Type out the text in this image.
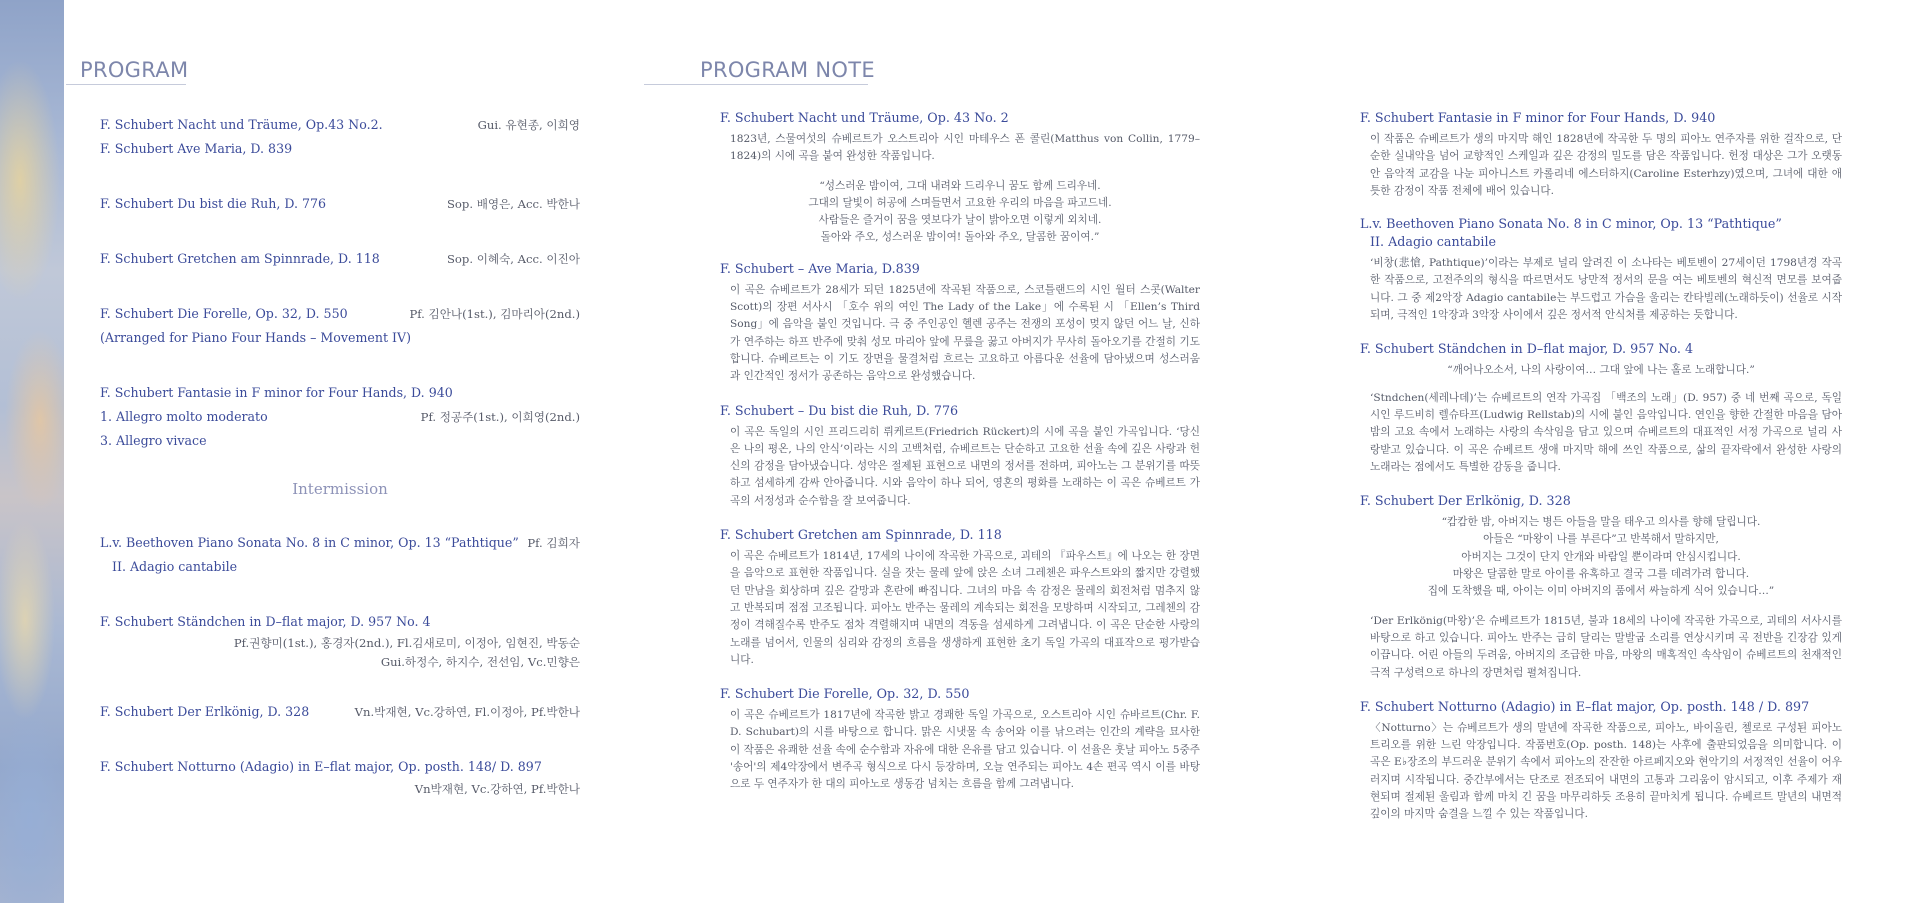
PROGRAM	PROGRAM NOTE
F. Schubert Nacht und Träume, Op.43 No.2.	Gui. 유현종, 이희영
F. Schubert Ave Maria, D. 839
F. Schubert Du bist die Ruh, D. 776	Sop. 배영은, Acc. 박한나
F. Schubert Gretchen am Spinnrade, D. 118	Sop. 이혜숙, Acc. 이진아
F. Schubert Die Forelle, Op. 32, D. 550	Pf. 김안나(1st.), 김마리아(2nd.)
(Arranged for Piano Four Hands – Movement IV)
F. Schubert Fantasie in F minor for Four Hands, D. 940
1. Allegro molto moderato	Pf. 정공주(1st.), 이희영(2nd.)
3. Allegro vivace
Intermission
L.v. Beethoven Piano Sonata No. 8 in C minor, Op. 13 “Pathtique” Pf. 김희자
II. Adagio cantabile
F. Schubert Ständchen in D–flat major, D. 957 No. 4
Pf.권향미(1st.), 홍경자(2nd.), Fl.김새로미, 이정아, 임현진, 박동순
Gui.하정수, 하지수, 전선임, Vc.민향은
F. Schubert Der Erlkönig, D. 328	Vn.박재현, Vc.강하연, Fl.이정아, Pf.박한나
F. Schubert Notturno (Adagio) in E–flat major, Op. posth. 148/ D. 897
Vn박재현, Vc.강하연, Pf.박한나
F. Schubert Nacht und Träume, Op. 43 No. 2

1823년, 스물여섯의 슈베르트가 오스트리아 시인 마테우스 폰 콜린(Matthus von Collin, 1779–1824)의 시에 곡을 붙여 완성한 작품입니다.

“성스러운 밤이여, 그대 내려와 드리우니 꿈도 함께 드리우네.
그대의 달빛이 허공에 스며들면서 고요한 우리의 마음을 파고드네.
사람들은 즐거이 꿈을 엿보다가 날이 밝아오면 이렇게 외치네.
돌아와 주오, 성스러운 밤이여! 돌아와 주오, 달콤한 꿈이여.”
F. Schubert – Ave Maria, D.839

이 곡은 슈베르트가 28세가 되던 1825년에 작곡된 작품으로, 스코틀랜드의 시인 월터 스콧(Walter Scott)의 장편 서사시 「호수 위의 여인 The Lady of the Lake」에 수록된 시 「Ellen’s Third Song」에 음악을 붙인 것입니다. 극 중 주인공인 헬렌 공주는 전쟁의 포성이 멎지 않던 어느 날, 신하가 연주하는 하프 반주에 맞춰 성모 마리아 앞에 무릎을 꿇고 아버지가 무사히 돌아오기를 간절히 기도합니다. 슈베르트는 이 기도 장면을 물결처럼 흐르는 고요하고 아름다운 선율에 담아냈으며 성스러움과 인간적인 정서가 공존하는 음악으로 완성했습니다.

F. Schubert – Du bist die Ruh, D. 776

이 곡은 독일의 시인 프리드리히 뤼케르트(Friedrich Rückert)의 시에 곡을 붙인 가곡입니다. ‘당신은 나의 평온, 나의 안식’이라는 시의 고백처럼, 슈베르트는 단순하고 고요한 선율 속에 깊은 사랑과 헌신의 감정을 담아냈습니다. 성악은 절제된 표현으로 내면의 정서를 전하며, 피아노는 그 분위기를 따뜻하고 섬세하게 감싸 안아줍니다. 시와 음악이 하나 되어, 영혼의 평화를 노래하는 이 곡은 슈베르트 가곡의 서정성과 순수함을 잘 보여줍니다.

F. Schubert Gretchen am Spinnrade, D. 118

이 곡은 슈베르트가 1814년, 17세의 나이에 작곡한 가곡으로, 괴테의 『파우스트』에 나오는 한 장면을 음악으로 표현한 작품입니다. 실을 잣는 물레 앞에 앉은 소녀 그레첸은 파우스트와의 짧지만 강렬했던 만남을 회상하며 깊은 갈망과 혼란에 빠집니다. 그녀의 마음 속 감정은 물레의 회전처럼 멈추지 않고 반복되며 점점 고조됩니다. 피아노 반주는 물레의 계속되는 회전을 모방하며 시작되고, 그레첸의 감정이 격해질수록 반주도 점차 격렬해지며 내면의 격동을 섬세하게 그려냅니다. 이 곡은 단순한 사랑의 노래를 넘어서, 인물의 심리와 감정의 흐름을 생생하게 표현한 초기 독일 가곡의 대표작으로 평가받습니다.

F. Schubert Die Forelle, Op. 32, D. 550

이 곡은 슈베르트가 1817년에 작곡한 밝고 경쾌한 독일 가곡으로, 오스트리아 시인 슈바르트(Chr. F. D. Schubart)의 시를 바탕으로 합니다. 맑은 시냇물 속 송어와 이를 낚으려는 인간의 계략을 묘사한 이 작품은 유쾌한 선율 속에 순수함과 자유에 대한 은유를 담고 있습니다. 이 선율은 훗날 피아노 5중주 '송어'의 제4악장에서 변주곡 형식으로 다시 등장하며, 오늘 연주되는 피아노 4손 편곡 역시 이를 바탕으로 두 연주자가 한 대의 피아노로 생동감 넘치는 흐름을 함께 그려냅니다.

F. Schubert Fantasie in F minor for Four Hands, D. 940

이 작품은 슈베르트가 생의 마지막 해인 1828년에 작곡한 두 명의 피아노 연주자를 위한 걸작으로, 단순한 실내악을 넘어 교향적인 스케일과 깊은 감정의 밀도를 담은 작품입니다. 헌정 대상은 그가 오랫동안 음악적 교감을 나눈 피아니스트 카롤리네 에스터하지(Caroline Esterhzy)였으며, 그녀에 대한 애틋한 감정이 작품 전체에 배어 있습니다.

L.v. Beethoven Piano Sonata No. 8 in C minor, Op. 13 “Pathtique”
II. Adagio cantabile

‘비창(悲愴, Pathtique)’이라는 부제로 널리 알려진 이 소나타는 베토벤이 27세이던 1798년경 작곡한 작품으로, 고전주의의 형식을 따르면서도 낭만적 정서의 문을 여는 베토벤의 혁신적 면모를 보여줍니다. 그 중 제2악장 Adagio cantabile는 부드럽고 가슴을 울리는 칸타빌레(노래하듯이) 선율로 시작되며, 극적인 1악장과 3악장 사이에서 깊은 정서적 안식처를 제공하는 듯합니다.

F. Schubert Ständchen in D–flat major, D. 957 No. 4
“깨어나오소서, 나의 사랑이여… 그대 앞에 나는 홀로 노래합니다.”

‘Stndchen(세레나데)’는 슈베르트의 연작 가곡집 「백조의 노래」(D. 957) 중 네 번째 곡으로, 독일 시인 루드비히 렐슈타프(Ludwig Rellstab)의 시에 붙인 음악입니다. 연인을 향한 간절한 마음을 담아 밤의 고요 속에서 노래하는 사랑의 속삭임을 담고 있으며 슈베르트의 대표적인 서정 가곡으로 널리 사랑받고 있습니다. 이 곡은 슈베르트 생애 마지막 해에 쓰인 작품으로, 삶의 끝자락에서 완성한 사랑의 노래라는 점에서도 특별한 감동을 줍니다.

F. Schubert Der Erlkönig, D. 328
“캄캄한 밤, 아버지는 병든 아들을 말을 태우고 의사를 향해 달립니다.
아들은 “마왕이 나를 부른다”고 반복해서 말하지만,
아버지는 그것이 단지 안개와 바람일 뿐이라며 안심시킵니다.
마왕은 달콤한 말로 아이를 유혹하고 결국 그를 데려가려 합니다.
집에 도착했을 때, 아이는 이미 아버지의 품에서 싸늘하게 식어 있습니다…”

‘Der Erlkönig(마왕)’은 슈베르트가 1815년, 불과 18세의 나이에 작곡한 가곡으로, 괴테의 서사시를 바탕으로 하고 있습니다. 피아노 반주는 급히 달리는 말발굽 소리를 연상시키며 곡 전반을 긴장감 있게 이끕니다. 어린 아들의 두려움, 아버지의 조급한 마음, 마왕의 매혹적인 속삭임이 슈베르트의 천재적인 극적 구성력으로 하나의 장면처럼 펼쳐집니다.

F. Schubert Notturno (Adagio) in E–flat major, Op. posth. 148 / D. 897

〈Notturno〉는 슈베르트가 생의 말년에 작곡한 작품으로, 피아노, 바이올린, 첼로로 구성된 피아노 트리오를 위한 느린 악장입니다. 작품번호(Op. posth. 148)는 사후에 출판되었음을 의미합니다. 이 곡은 E♭장조의 부드러운 분위기 속에서 피아노의 잔잔한 아르페지오와 현악기의 서정적인 선율이 어우러지며 시작됩니다. 중간부에서는 단조로 전조되어 내면의 고통과 그리움이 암시되고, 이후 주제가 재현되며 절제된 울림과 함께 마치 긴 꿈을 마무리하듯 조용히 끝마치게 됩니다. 슈베르트 말년의 내면적 깊이의 마지막 숨결을 느낄 수 있는 작품입니다.
